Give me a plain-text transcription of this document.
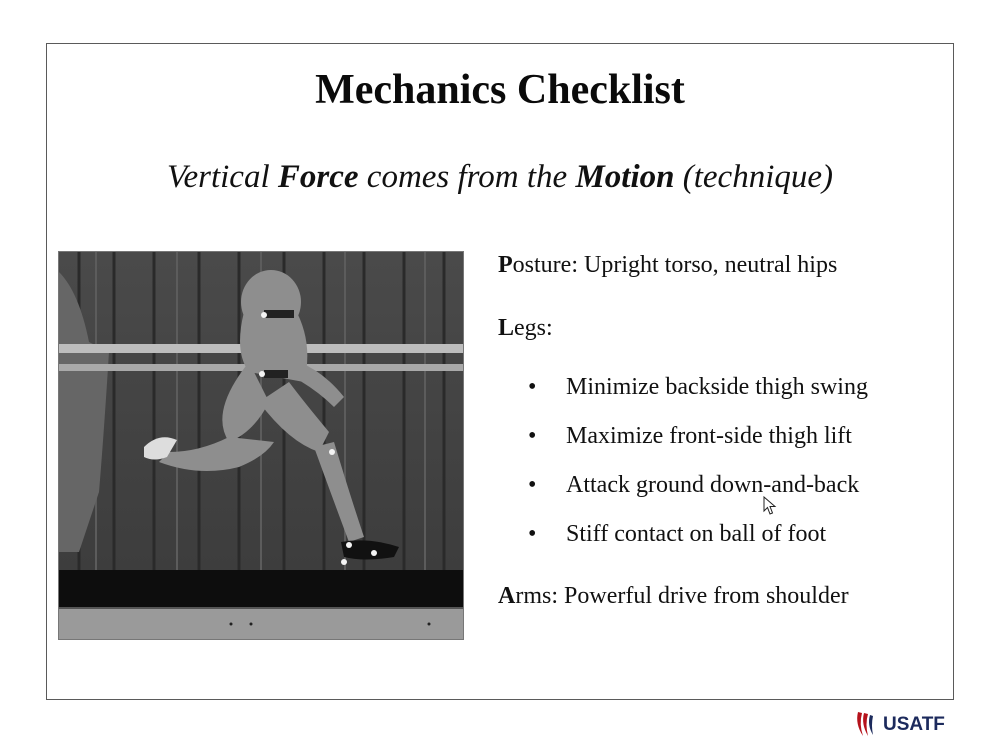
Mechanics Checklist
Vertical Force comes from the Motion (technique)
Posture: Upright torso, neutral hips
Legs:
• Minimize backside thigh swing
• Maximize front-side thigh lift
• Attack ground down-and-back
• Stiff contact on ball of foot
Arms: Powerful drive from shoulder
USATF
